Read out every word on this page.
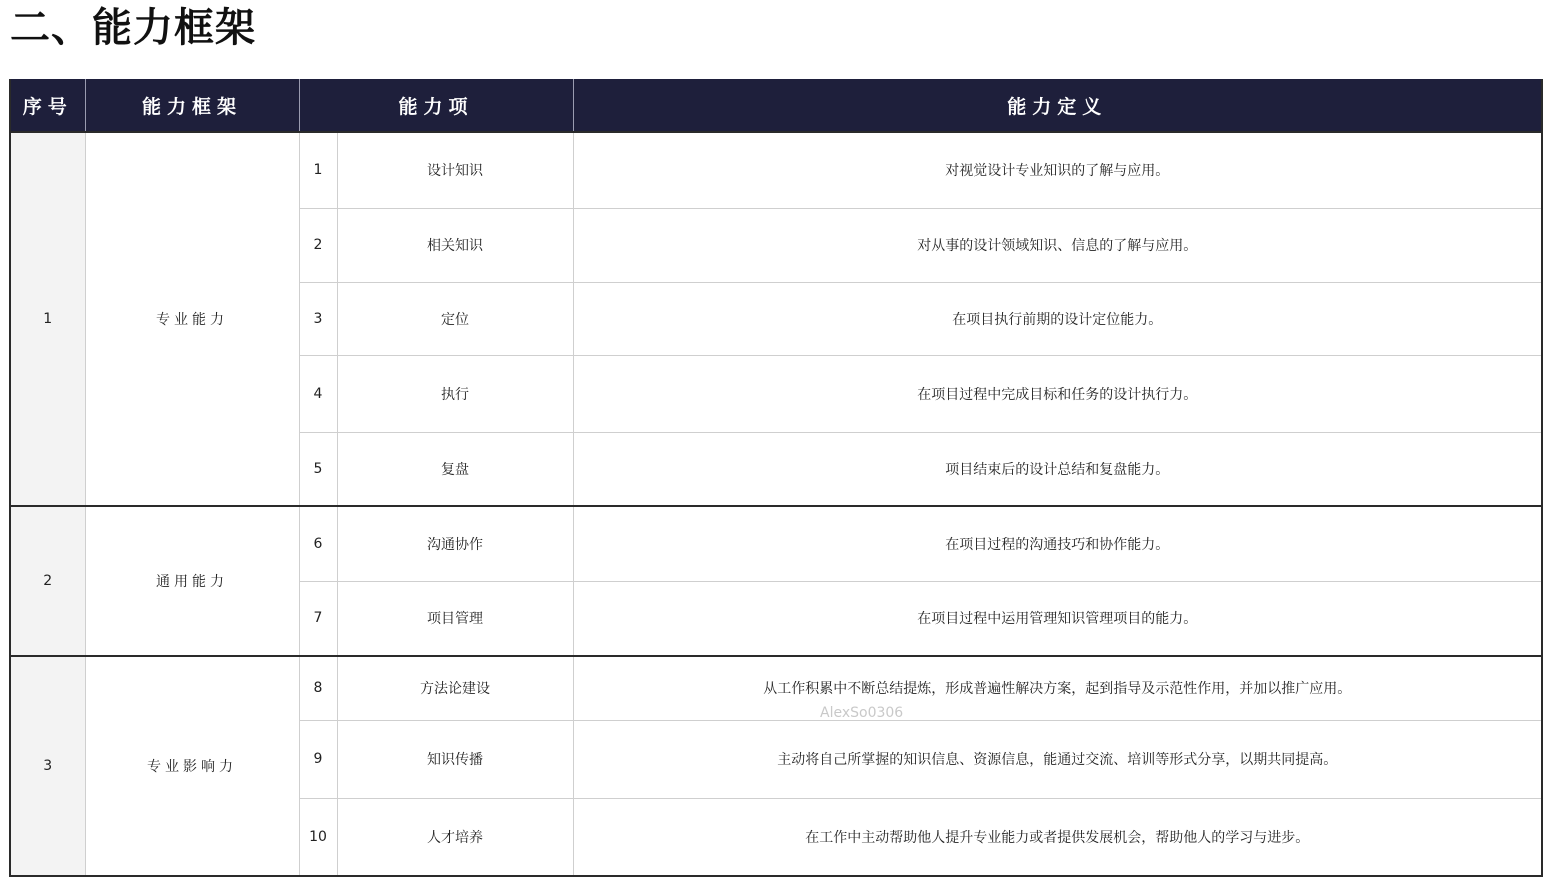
二、能力框架
序号	能力框架	能力项		能力定义
1	专业能力	1	设计知识	对视觉设计专业知识的了解与应用。
		2	相关知识	对从事的设计领域知识、信息的了解与应用。
		3	定位	在项目执行前期的设计定位能力。
		4	执行	在项目过程中完成目标和任务的设计执行力。
		5	复盘	项目结束后的设计总结和复盘能力。
2	通用能力	6	沟通协作	在项目过程的沟通技巧和协作能力。
		7	项目管理	在项目过程中运用管理知识管理项目的能力。
3	专业影响力	8	方法论建设	从工作积累中不断总结提炼，形成普遍性解决方案，起到指导及示范性作用，并加以推广应用。
		9	知识传播	主动将自己所掌握的知识信息、资源信息，能通过交流、培训等形式分享，以期共同提高。
		10	人才培养	在工作中主动帮助他人提升专业能力或者提供发展机会，帮助他人的学习与进步。
AlexSo0306
